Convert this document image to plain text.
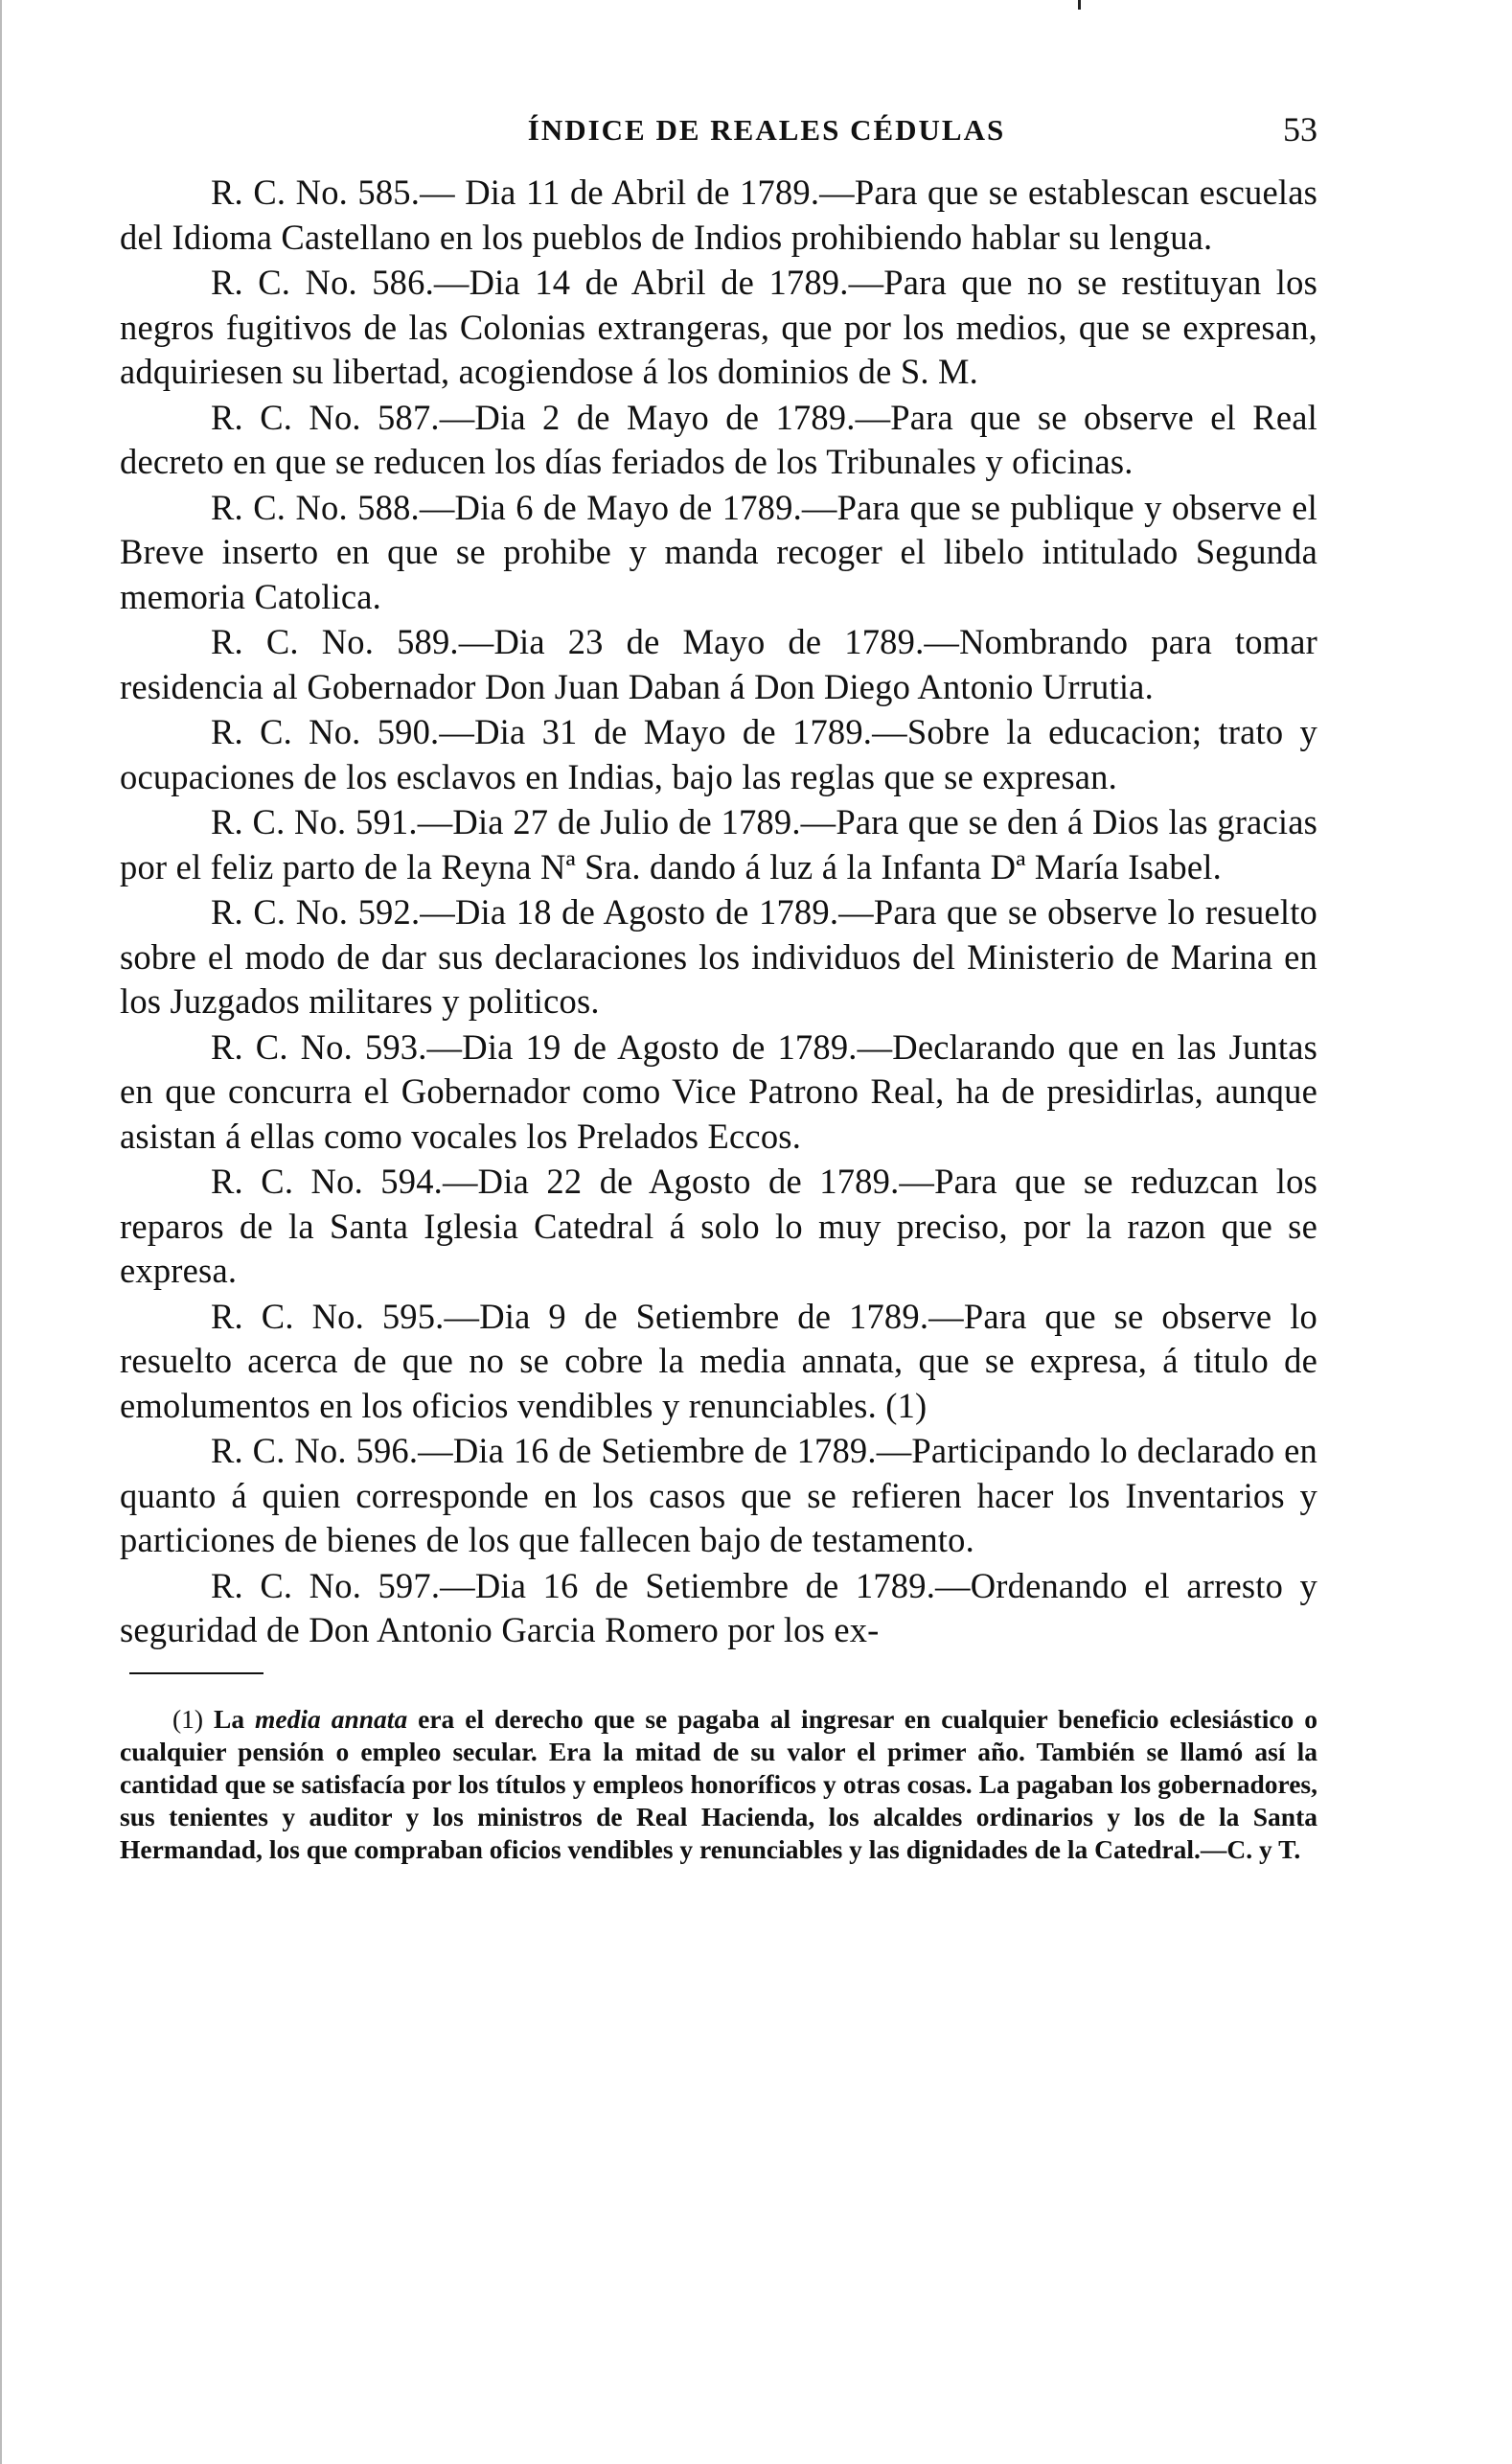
ÍNDICE DE REALES CÉDULAS	53

R. C. No. 585.— Dia 11 de Abril de 1789.—Para que se establescan escuelas del Idioma Castellano en los pueblos de Indios prohibiendo hablar su lengua.

R. C. No. 586.—Dia 14 de Abril de 1789.—Para que no se restituyan los negros fugitivos de las Colonias extrangeras, que por los medios, que se expresan, adquiriesen su libertad, acogiendose á los dominios de S. M.

R. C. No. 587.—Dia 2 de Mayo de 1789.—Para que se observe el Real decreto en que se reducen los días feriados de los Tribunales y oficinas.

R. C. No. 588.—Dia 6 de Mayo de 1789.—Para que se publique y observe el Breve inserto en que se prohibe y manda recoger el libelo intitulado Segunda memoria Catolica.

R. C. No. 589.—Dia 23 de Mayo de 1789.—Nombrando para tomar residencia al Gobernador Don Juan Daban á Don Diego Antonio Urrutia.

R. C. No. 590.—Dia 31 de Mayo de 1789.—Sobre la educacion; trato y ocupaciones de los esclavos en Indias, bajo las reglas que se expresan.

R. C. No. 591.—Dia 27 de Julio de 1789.—Para que se den á Dios las gracias por el feliz parto de la Reyna Nª Sra. dando á luz á la Infanta Dª María Isabel.

R. C. No. 592.—Dia 18 de Agosto de 1789.—Para que se observe lo resuelto sobre el modo de dar sus declaraciones los individuos del Ministerio de Marina en los Juzgados militares y politicos.

R. C. No. 593.—Dia 19 de Agosto de 1789.—Declarando que en las Juntas en que concurra el Gobernador como Vice Patrono Real, ha de presidirlas, aunque asistan á ellas como vocales los Prelados Eccos.

R. C. No. 594.—Dia 22 de Agosto de 1789.—Para que se reduzcan los reparos de la Santa Iglesia Catedral á solo lo muy preciso, por la razon que se expresa.

R. C. No. 595.—Dia 9 de Setiembre de 1789.—Para que se observe lo resuelto acerca de que no se cobre la media annata, que se expresa, á titulo de emolumentos en los oficios vendibles y renunciables. (1)

R. C. No. 596.—Dia 16 de Setiembre de 1789.—Participando lo declarado en quanto á quien corresponde en los casos que se refieren hacer los Inventarios y particiones de bienes de los que fallecen bajo de testamento.

R. C. No. 597.—Dia 16 de Setiembre de 1789.—Ordenando el arresto y seguridad de Don Antonio Garcia Romero por los ex-

(1) La media annata era el derecho que se pagaba al ingresar en cualquier beneficio eclesiástico o cualquier pensión o empleo secular. Era la mitad de su valor el primer año. También se llamó así la cantidad que se satisfacía por los títulos y empleos honoríficos y otras cosas. La pagaban los gobernadores, sus tenientes y auditor y los ministros de Real Hacienda, los alcaldes ordinarios y los de la Santa Hermandad, los que compraban oficios vendibles y renunciables y las dignidades de la Catedral.—C. y T.
